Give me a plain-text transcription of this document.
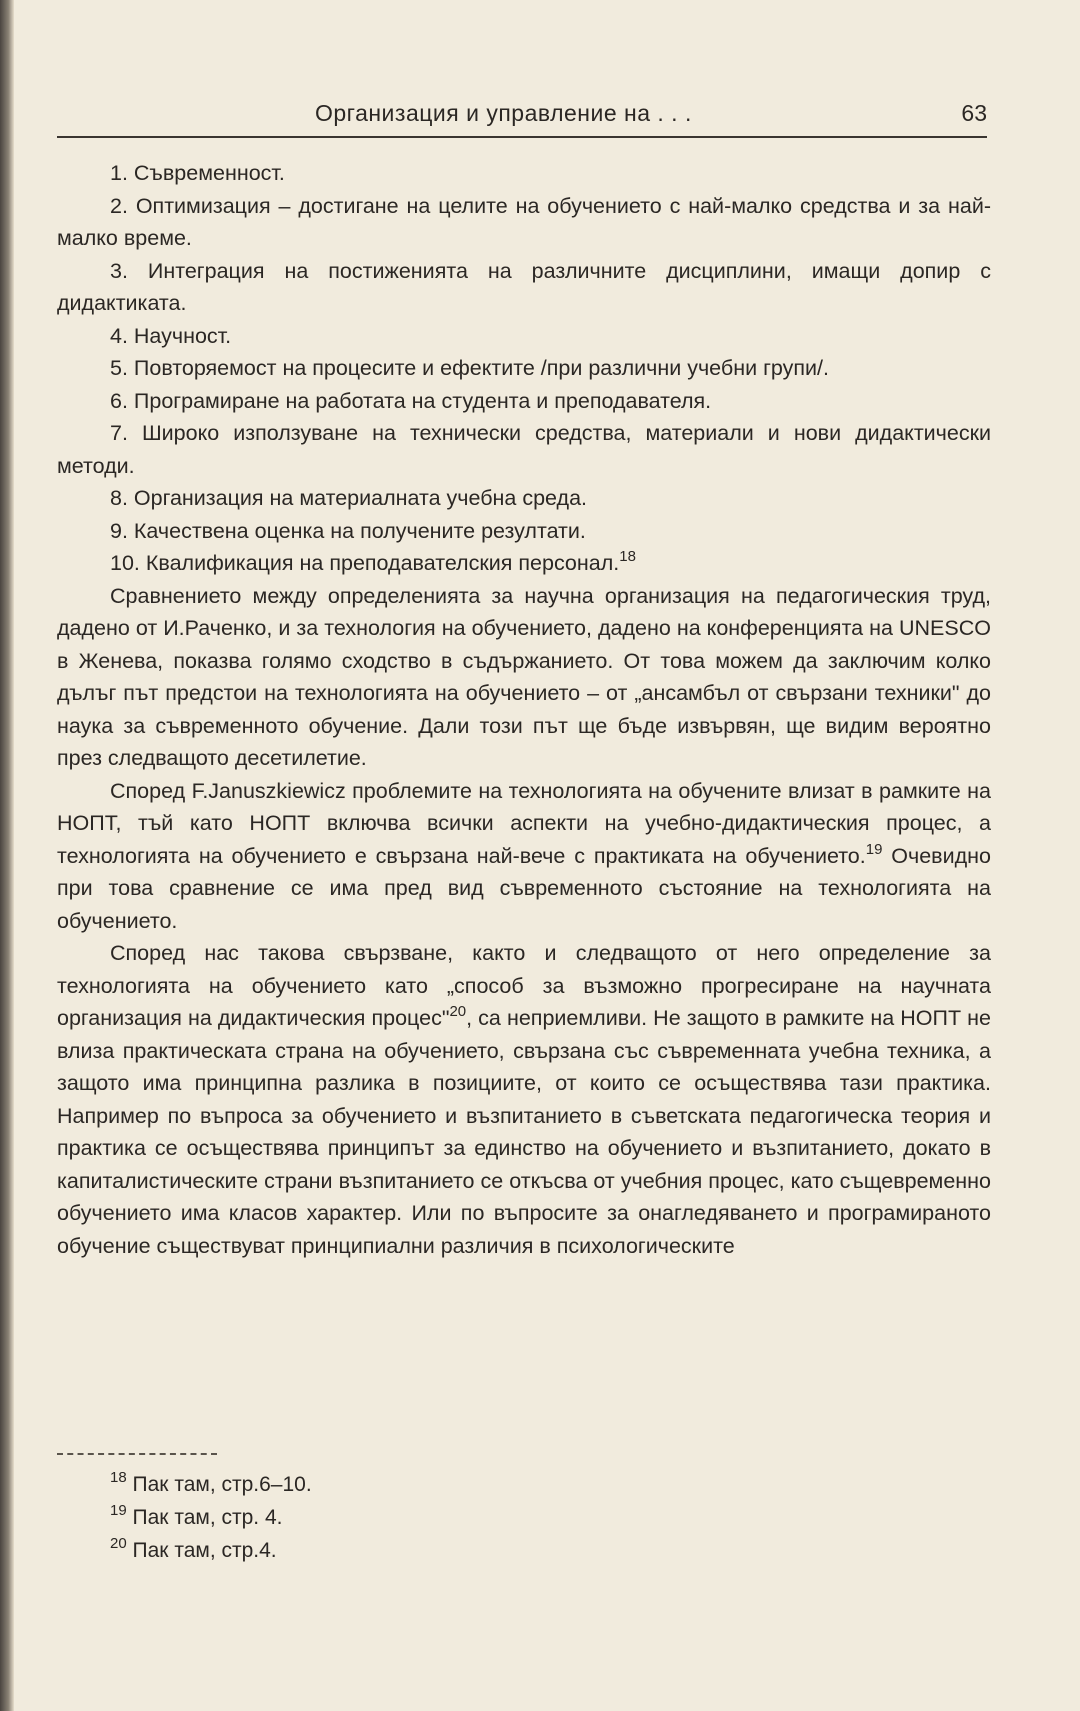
Организация и управление на . . .	63

1. Съвременност.

2. Оптимизация – достигане на целите на обучението с най-малко средства и за най-малко време.

3. Интеграция на постиженията на различните дисциплини, имащи допир с дидактиката.

4. Научност.

5. Повторяемост на процесите и ефектите /при различни учебни групи/.

6. Програмиране на работата на студента и преподавателя.

7. Широко използуване на технически средства, материали и нови дидактически методи.

8. Организация на материалната учебна среда.

9. Качествена оценка на получените резултати.

10. Квалификация на преподавателския персонал.$^{18}$

Сравнението между определенията за научна организация на педагогическия труд, дадено от И.Раченко, и за технология на обучението, дадено на конференцията на UNESCO в Женева, показва голямо сходство в съдържанието. От това можем да заключим колко дълъг път предстои на технологията на обучението – от „ансамбъл от свързани техники" до наука за съвременното обучение. Дали този път ще бъде извървян, ще видим вероятно през следващото десетилетие.

Според F.Januszkiewicz проблемите на технологията на обучените влизат в рамките на НОПТ, тъй като НОПТ включва всички аспекти на учебно-дидактическия процес, а технологията на обучението е свързана най-вече с практиката на обучението.$^{19}$ Очевидно при това сравнение се има пред вид съвременното състояние на технологията на обучението.

Според нас такова свързване, както и следващото от него определение за технологията на обучението като „способ за възможно прогресиране на научната организация на дидактическия процес"$^{20}$, са неприемливи. Не защото в рамките на НОПТ не влиза практическата страна на обучението, свързана със съвременната учебна техника, а защото има принципна разлика в позициите, от които се осъществява тази практика. Например по въпроса за обучението и възпитанието в съветската педагогическа теория и практика се осъществява принципът за единство на обучението и възпитанието, докато в капиталистическите страни възпитанието се откъсва от учебния процес, като същевременно обучението има класов характер. Или по въпросите за онагледяването и програмираното обучение съществуват принципиални различия в психологическите

$^{18}$ Пак там, стр.6–10.
$^{19}$ Пак там, стр. 4.
$^{20}$ Пак там, стр.4.
